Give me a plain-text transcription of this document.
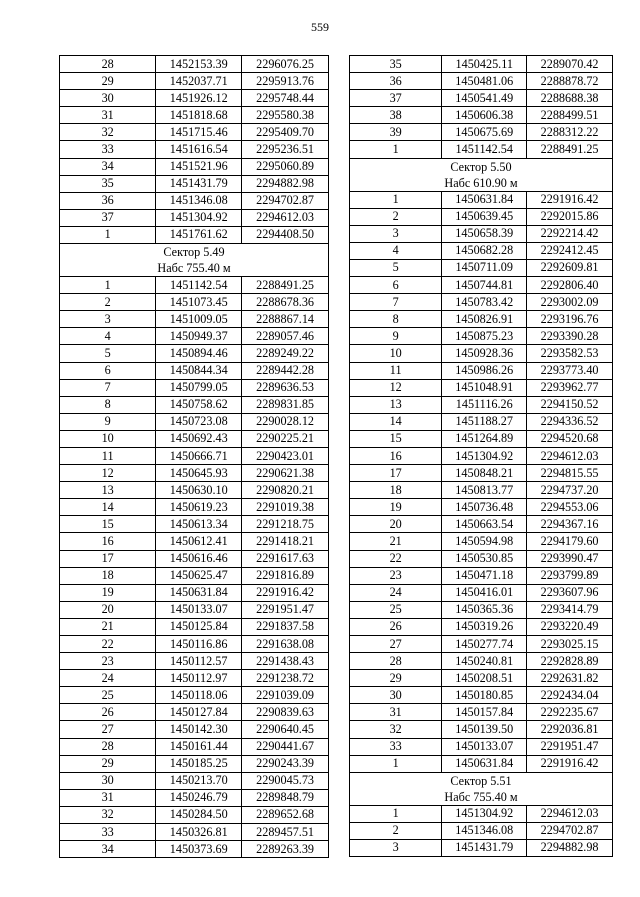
559
28	1452153.39	2296076.25
29	1452037.71	2295913.76
30	1451926.12	2295748.44
31	1451818.68	2295580.38
32	1451715.46	2295409.70
33	1451616.54	2295236.51
34	1451521.96	2295060.89
35	1451431.79	2294882.98
36	1451346.08	2294702.87
37	1451304.92	2294612.03
1	1451761.62	2294408.50

Сектор 5.49
Набс 755.40 м		

1	1451142.54	2288491.25
2	1451073.45	2288678.36
3	1451009.05	2288867.14
4	1450949.37	2289057.46
5	1450894.46	2289249.22
6	1450844.34	2289442.28
7	1450799.05	2289636.53
8	1450758.62	2289831.85
9	1450723.08	2290028.12
10	1450692.43	2290225.21
11	1450666.71	2290423.01
12	1450645.93	2290621.38
13	1450630.10	2290820.21
14	1450619.23	2291019.38
15	1450613.34	2291218.75
16	1450612.41	2291418.21
17	1450616.46	2291617.63
18	1450625.47	2291816.89
19	1450631.84	2291916.42
20	1450133.07	2291951.47
21	1450125.84	2291837.58
22	1450116.86	2291638.08
23	1450112.57	2291438.43
24	1450112.97	2291238.72
25	1450118.06	2291039.09
26	1450127.84	2290839.63
27	1450142.30	2290640.45
28	1450161.44	2290441.67
29	1450185.25	2290243.39
30	1450213.70	2290045.73
31	1450246.79	2289848.79
32	1450284.50	2289652.68
33	1450326.81	2289457.51
34	1450373.69	2289263.39
35	1450425.11	2289070.42
36	1450481.06	2288878.72
37	1450541.49	2288688.38
38	1450606.38	2288499.51
39	1450675.69	2288312.22
1	1451142.54	2288491.25

Сектор 5.50
Набс 610.90 м		

1	1450631.84	2291916.42
2	1450639.45	2292015.86
3	1450658.39	2292214.42
4	1450682.28	2292412.45
5	1450711.09	2292609.81
6	1450744.81	2292806.40
7	1450783.42	2293002.09
8	1450826.91	2293196.76
9	1450875.23	2293390.28
10	1450928.36	2293582.53
11	1450986.26	2293773.40
12	1451048.91	2293962.77
13	1451116.26	2294150.52
14	1451188.27	2294336.52
15	1451264.89	2294520.68
16	1451304.92	2294612.03
17	1450848.21	2294815.55
18	1450813.77	2294737.20
19	1450736.48	2294553.06
20	1450663.54	2294367.16
21	1450594.98	2294179.60
22	1450530.85	2293990.47
23	1450471.18	2293799.89
24	1450416.01	2293607.96
25	1450365.36	2293414.79
26	1450319.26	2293220.49
27	1450277.74	2293025.15
28	1450240.81	2292828.89
29	1450208.51	2292631.82
30	1450180.85	2292434.04
31	1450157.84	2292235.67
32	1450139.50	2292036.81
33	1450133.07	2291951.47
1	1450631.84	2291916.42

Сектор 5.51
Набс 755.40 м		

1	1451304.92	2294612.03
2	1451346.08	2294702.87
3	1451431.79	2294882.98
